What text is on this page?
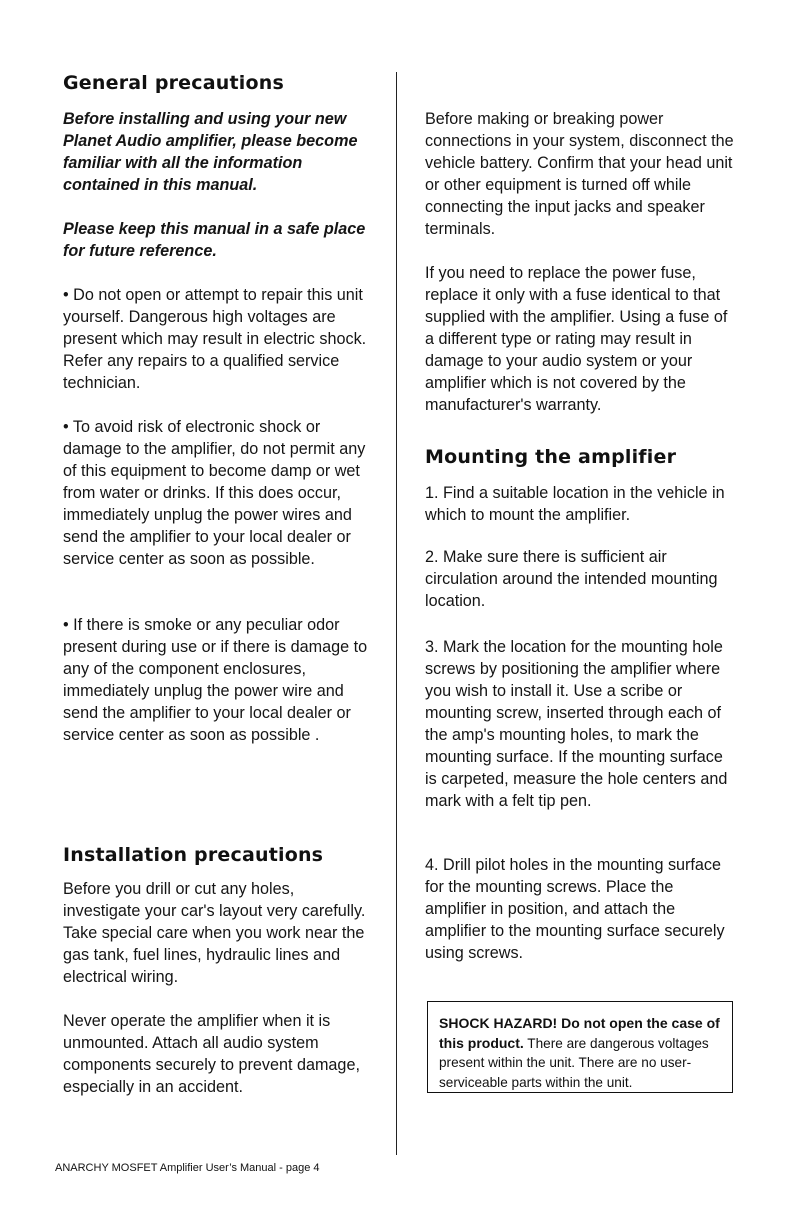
General precautions

Before installing and using your new Planet Audio amplifier, please become familiar with all the information contained in this manual.

Please keep this manual in a safe place for future reference.

• Do not open or attempt to repair this unit yourself. Dangerous high voltages are present which may result in electric shock. Refer any repairs to a qualified service technician.

• To avoid risk of electronic shock or damage to the amplifier, do not permit any of this equipment to become damp or wet from water or drinks. If this does occur, immediately unplug the power wires and send the amplifier to your local dealer or service center as soon as possible.

• If there is smoke or any peculiar odor present during use or if there is damage to any of the component enclosures, immediately unplug the power wire and send the amplifier to your local dealer or service center as soon as possible .

Installation precautions

Before you drill or cut any holes, investigate your car's layout very carefully. Take special care when you work near the gas tank, fuel lines, hydraulic lines and electrical wiring.

Never operate the amplifier when it is unmounted. Attach all audio system components securely to prevent damage, especially in an accident.

Before making or breaking power connections in your system, disconnect the vehicle battery. Confirm that your head unit or other equipment is turned off while connecting the input jacks and speaker terminals.

If you need to replace the power fuse, replace it only with a fuse identical to that supplied with the amplifier. Using a fuse of a different type or rating may result in damage to your audio system or your amplifier which is not covered by the manufacturer's warranty.

Mounting the amplifier

1. Find a suitable location in the vehicle in which to mount the amplifier.

2. Make sure there is sufficient air circulation around the intended mounting location.

3. Mark the location for the mounting hole screws by positioning the amplifier where you wish to install it. Use a scribe or mounting screw, inserted through each of the amp's mounting holes, to mark the mounting surface. If the mounting surface is carpeted, measure the hole centers and mark with a felt tip pen.

4. Drill pilot holes in the mounting surface for the mounting screws. Place the amplifier in position, and attach the amplifier to the mounting surface securely using screws.

SHOCK HAZARD! Do not open the case of this product. There are dangerous voltages present within the unit. There are no user-serviceable parts within the unit.
ANARCHY MOSFET Amplifier User’s Manual - page 4
